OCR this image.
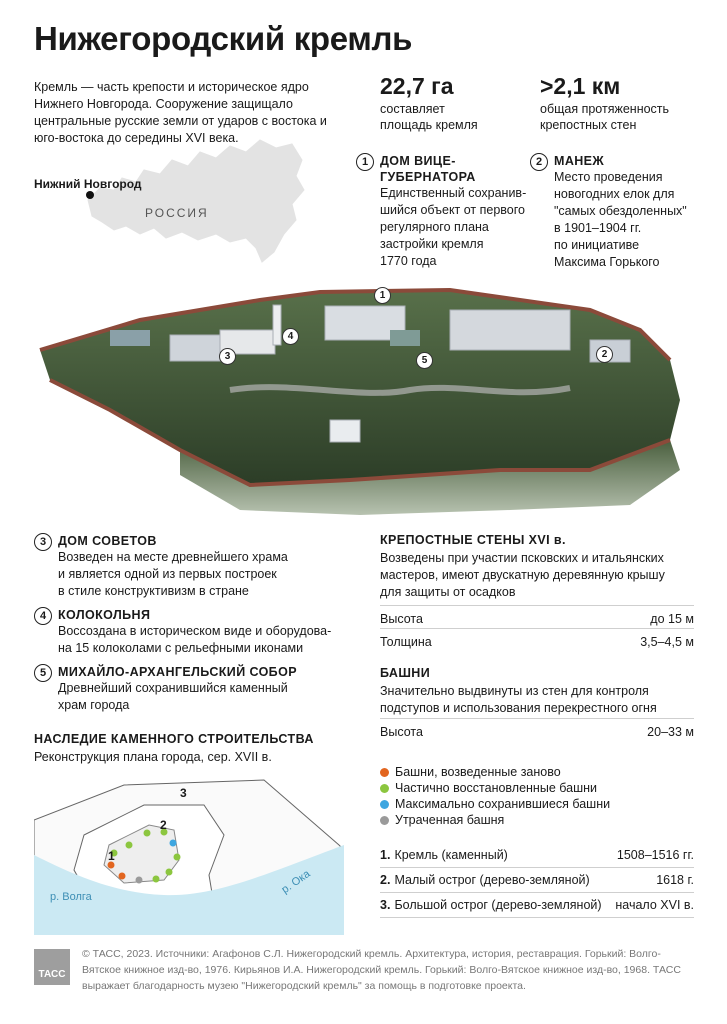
Нижегородский кремль
Кремль — часть крепости и историческое ядро Нижнего Новгорода. Сооружение защищало центральные русские земли от ударов с востока и юго-востока до середины XVI века.
22,7 га
составляет
площадь кремля
>2,1 км
общая протяженность
крепостных стен
Нижний Новгород
РОССИЯ
1 ДОМ ВИЦЕ-
ГУБЕРНАТОРА
Единственный сохранив-
шийся объект от первого
регулярного плана
застройки кремля
1770 года
2 МАНЕЖ
Место проведения
новогодних елок для
"самых обездоленных"
в 1901–1904 гг.
по инициативе
Максима Горького
1
2
3
4
5
3 ДОМ СОВЕТОВ
Возведен на месте древнейшего храма
и является одной из первых построек
в стиле конструктивизм в стране
4 КОЛОКОЛЬНЯ
Воссоздана в историческом виде и оборудова-
на 15 колоколами с рельефными иконами
5 МИХАЙЛО-АРХАНГЕЛЬСКИЙ СОБОР
Древнейший сохранившийся каменный
храм города
НАСЛЕДИЕ КАМЕННОГО СТРОИТЕЛЬСТВА
Реконструкция плана города, сер. XVII в.
1
2
3
р. Волга
р. Ока
КРЕПОСТНЫЕ СТЕНЫ XVI в.
Возведены при участии псковских и итальянских
мастеров, имеют двускатную деревянную крышу
для защиты от осадков
Высота	до 15 м
Толщина	3,5–4,5 м
БАШНИ
Значительно выдвинуты из стен для контроля
подступов и использования перекрестного огня
Высота	20–33 м
Башни, возведенные заново
Частично восстановленные башни
Максимально сохранившиеся башни
Утраченная башня
1. Кремль (каменный)	1508–1516 гг.
2. Малый острог (дерево-земляной)	1618 г.
3. Большой острог (дерево-земляной) начало XVI в.
ТАСС
© ТАСС, 2023. Источники: Агафонов С.Л. Нижегородский кремль. Архитектура, история, реставрация. Горький: Волго-Вятское книжное изд-во, 1976. Кирьянов И.А. Нижегородский кремль. Горький: Волго-Вятское книжное изд-во, 1968. ТАСС выражает благодарность музею "Нижегородский кремль" за помощь в подготовке проекта.
